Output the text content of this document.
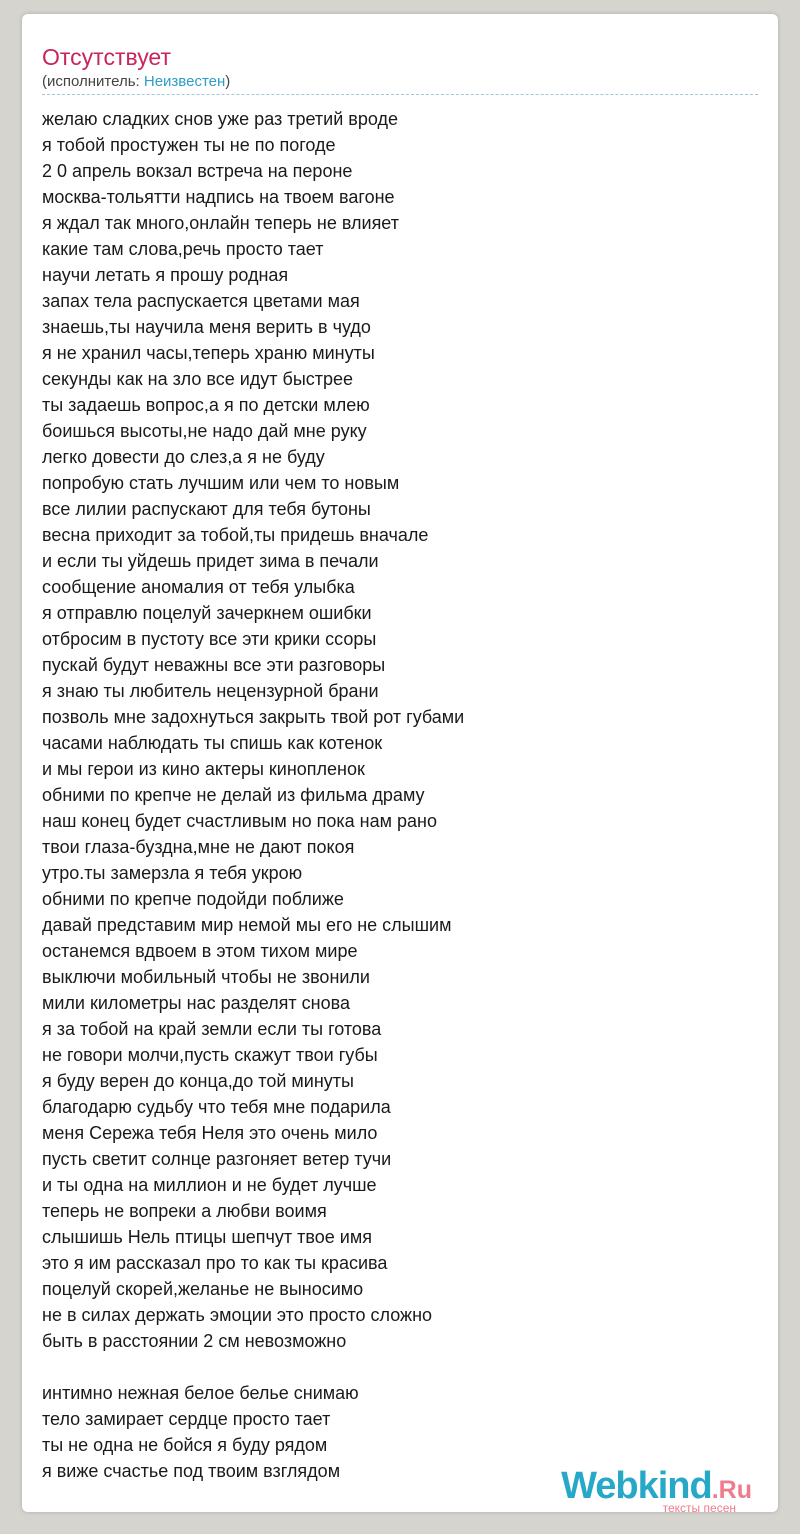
Отсутствует
(исполнитель: Неизвестен)
желаю сладких снов уже раз третий вроде
я тобой простужен ты не по погоде
2 0 апрель вокзал встреча на пероне
москва-тольятти надпись на твоем вагоне
я ждал так много,онлайн теперь не влияет
какие там слова,речь просто тает
научи летать я прошу родная
запах тела распускается цветами мая
знаешь,ты научила меня верить в чудо
я не хранил часы,теперь храню минуты
секунды как на зло все идут быстрее
ты задаешь вопрос,а я по детски млею
боишься высоты,не надо дай мне руку
легко довести до слез,а я не буду
попробую стать лучшим или чем то новым
все лилии распускают для тебя бутоны
весна приходит за тобой,ты придешь вначале
и если ты уйдешь придет зима в печали
сообщение аномалия от тебя улыбка
я отправлю поцелуй зачеркнем ошибки
отбросим в пустоту все эти крики ссоры
пускай будут неважны все эти разговоры
я знаю ты любитель нецензурной брани
позволь мне задохнуться закрыть твой рот губами
часами наблюдать ты спишь как котенок
и мы герои из кино актеры кинопленок
обними по крепче не делай из фильма драму
наш конец будет счастливым но пока нам рано
твои глаза-буздна,мне не дают покоя
утро.ты замерзла я тебя укрою
обними по крепче подойди поближе
давай представим мир немой мы его не слышим
останемся вдвоем в этом тихом мире
выключи мобильный чтобы не звонили
мили километры нас разделят снова
я за тобой на край земли если ты готова
не говори молчи,пусть скажут твои губы
я буду верен до конца,до той минуты
благодарю судьбу что тебя мне подарила
меня Сережа тебя Неля это очень мило
пусть светит солнце разгоняет ветер тучи
и ты одна на миллион и не будет лучше
теперь не вопреки а любви воимя
слышишь Нель птицы шепчут твое имя
это я им рассказал про то как ты красива
поцелуй скорей,желанье не выносимо
не в силах держать эмоции это просто сложно
быть в расстоянии 2 см невозможно
интимно нежная белое белье снимаю
тело замирает сердце просто тает
ты не одна не бойся я буду рядом
я виже счастье под твоим взглядом	Webkind.Ru
тексты песен
